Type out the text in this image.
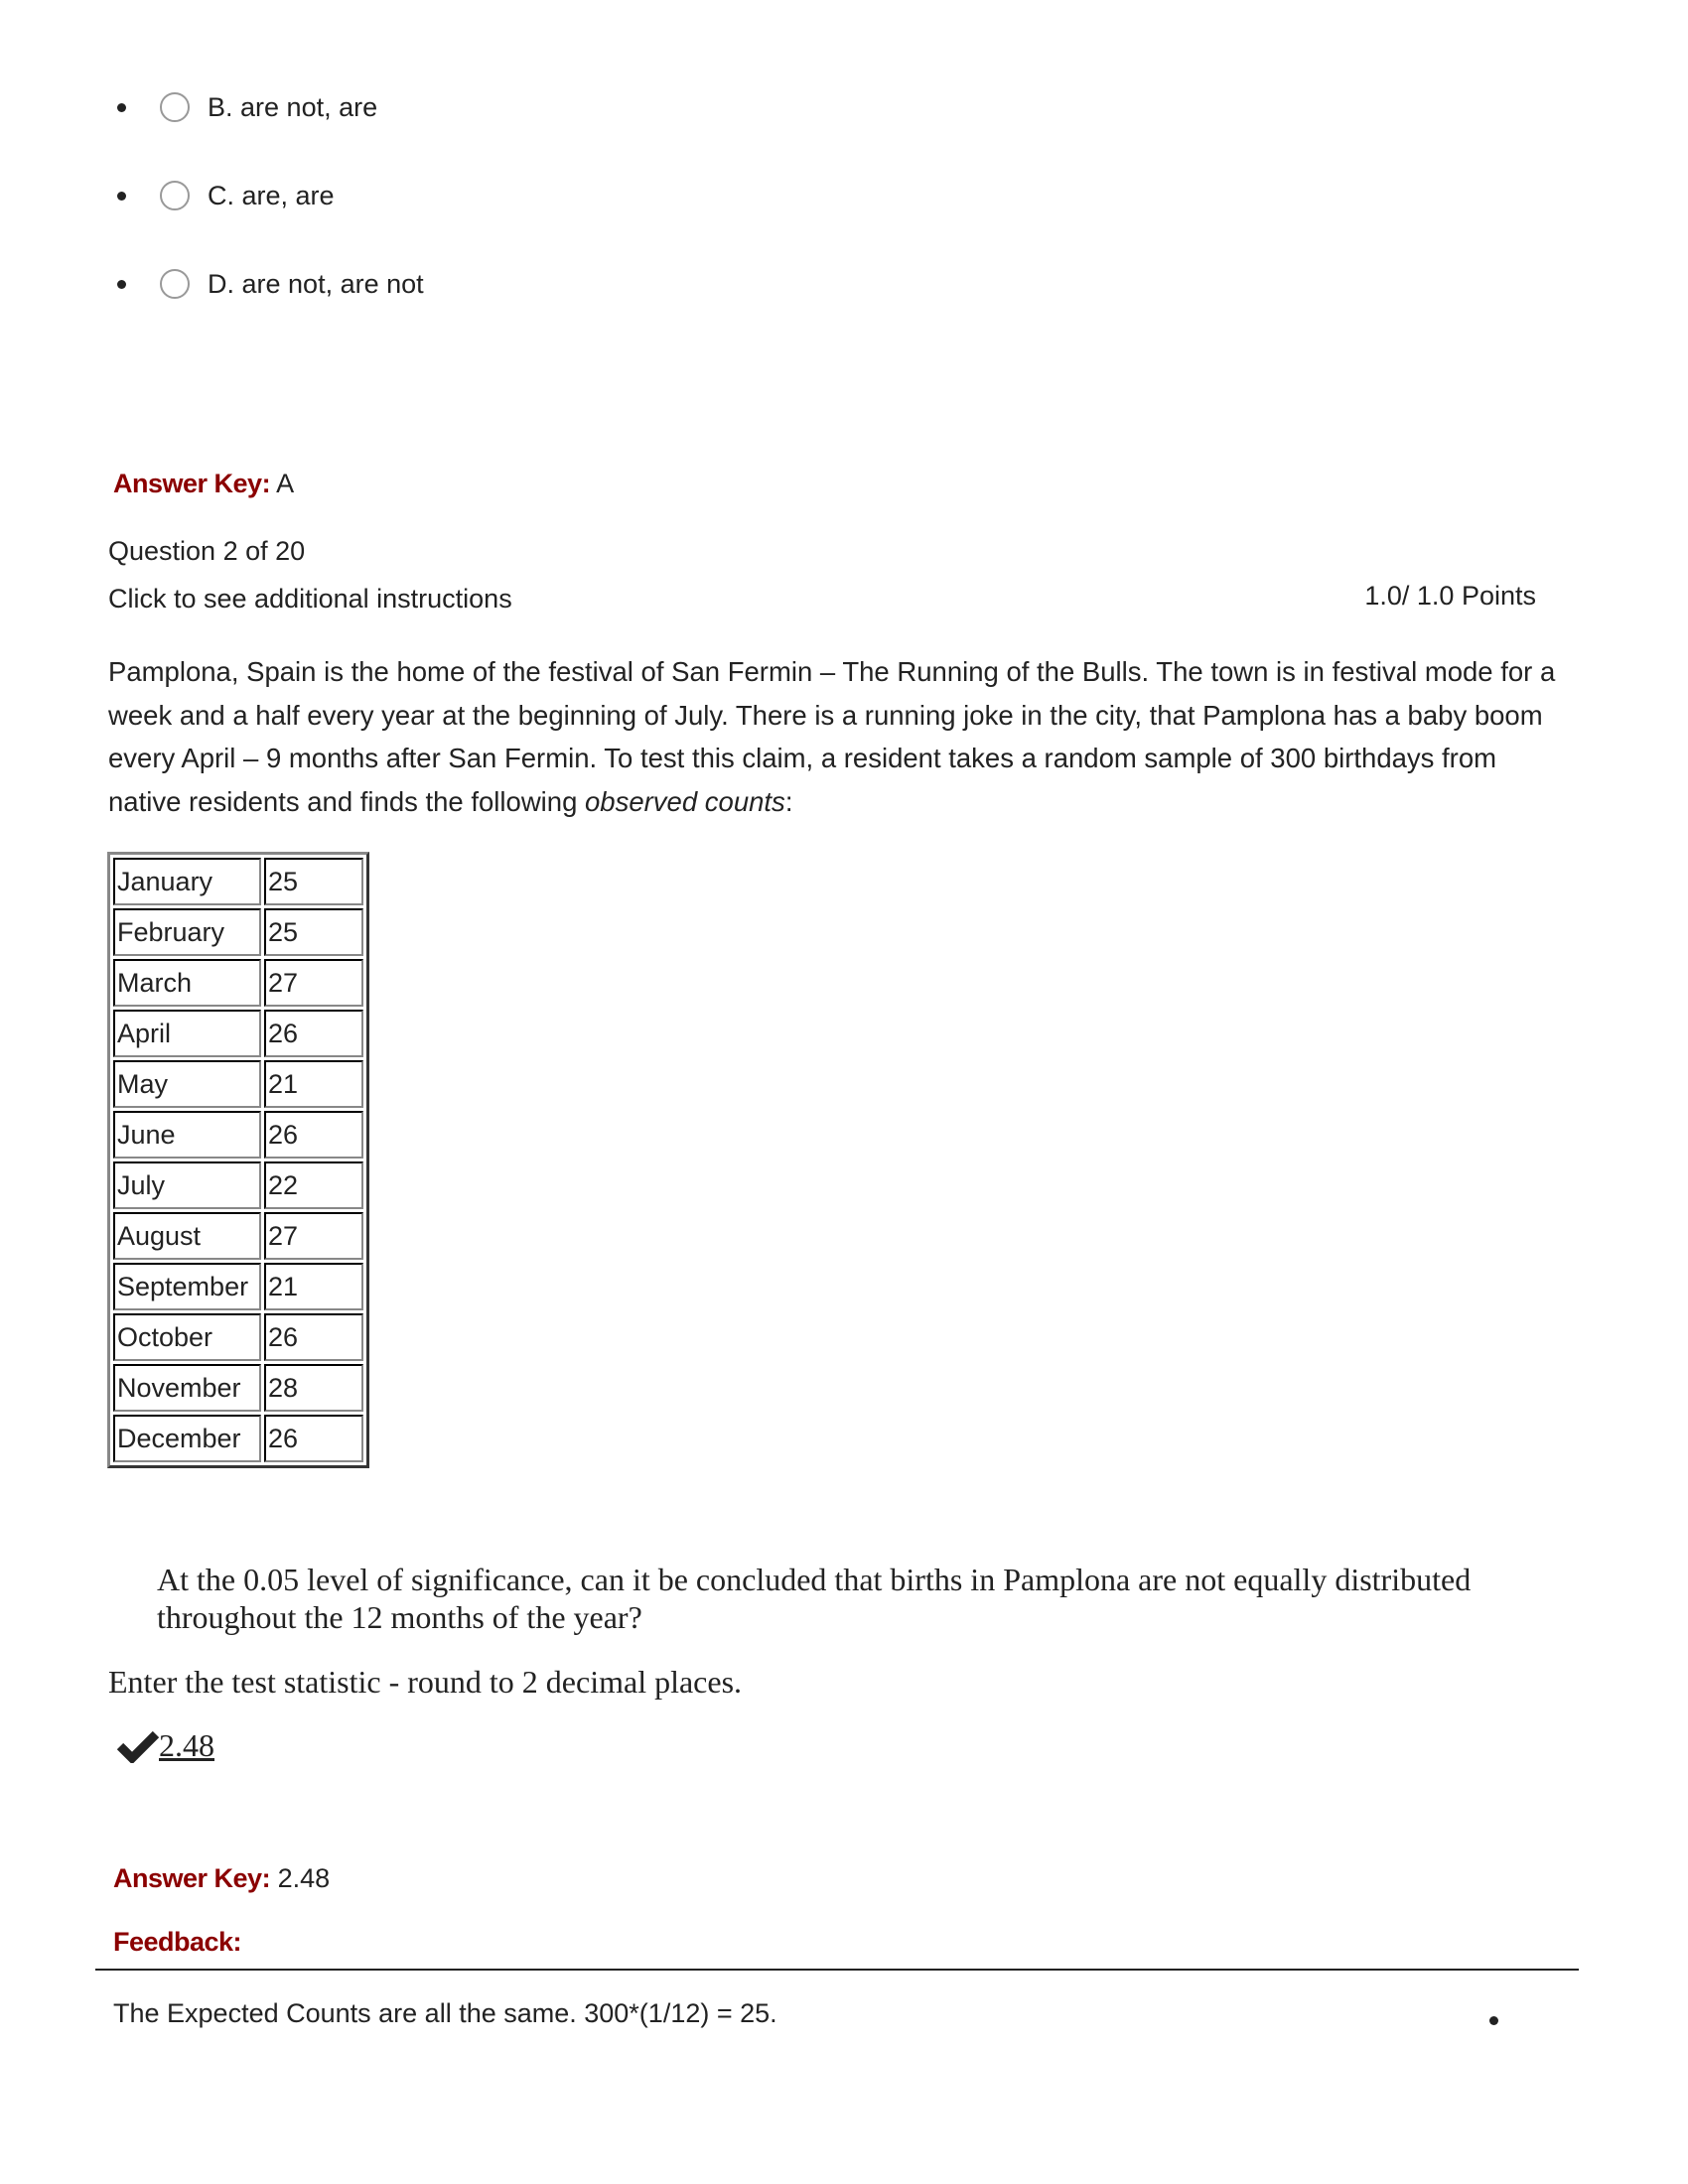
B.
are not, are
C.
are, are
D.
are not, are not
Answer Key: A
Question 2 of 20
Click to see additional instructions	1.0/ 1.0 Points
Pamplona, Spain is the home of the festival of San Fermin – The Running of the Bulls. The town is in festival mode for a week and a half every year at the beginning of July. There is a running joke in the city, that Pamplona has a baby boom every April – 9 months after San Fermin. To test this claim, a resident takes a random sample of 300 birthdays from native residents and finds the following observed counts:
January	25
February	25
March	27
April	26
May	21
June	26
July	22
August	27
September	21
October	26
November	28
December	26
At the 0.05 level of significance, can it be concluded that births in Pamplona are not equally distributed throughout the 12 months of the year?
Enter the test statistic - round to 2 decimal places.
2.48
Answer Key: 2.48
Feedback:
The Expected Counts are all the same. 300*(1/12) = 25.
